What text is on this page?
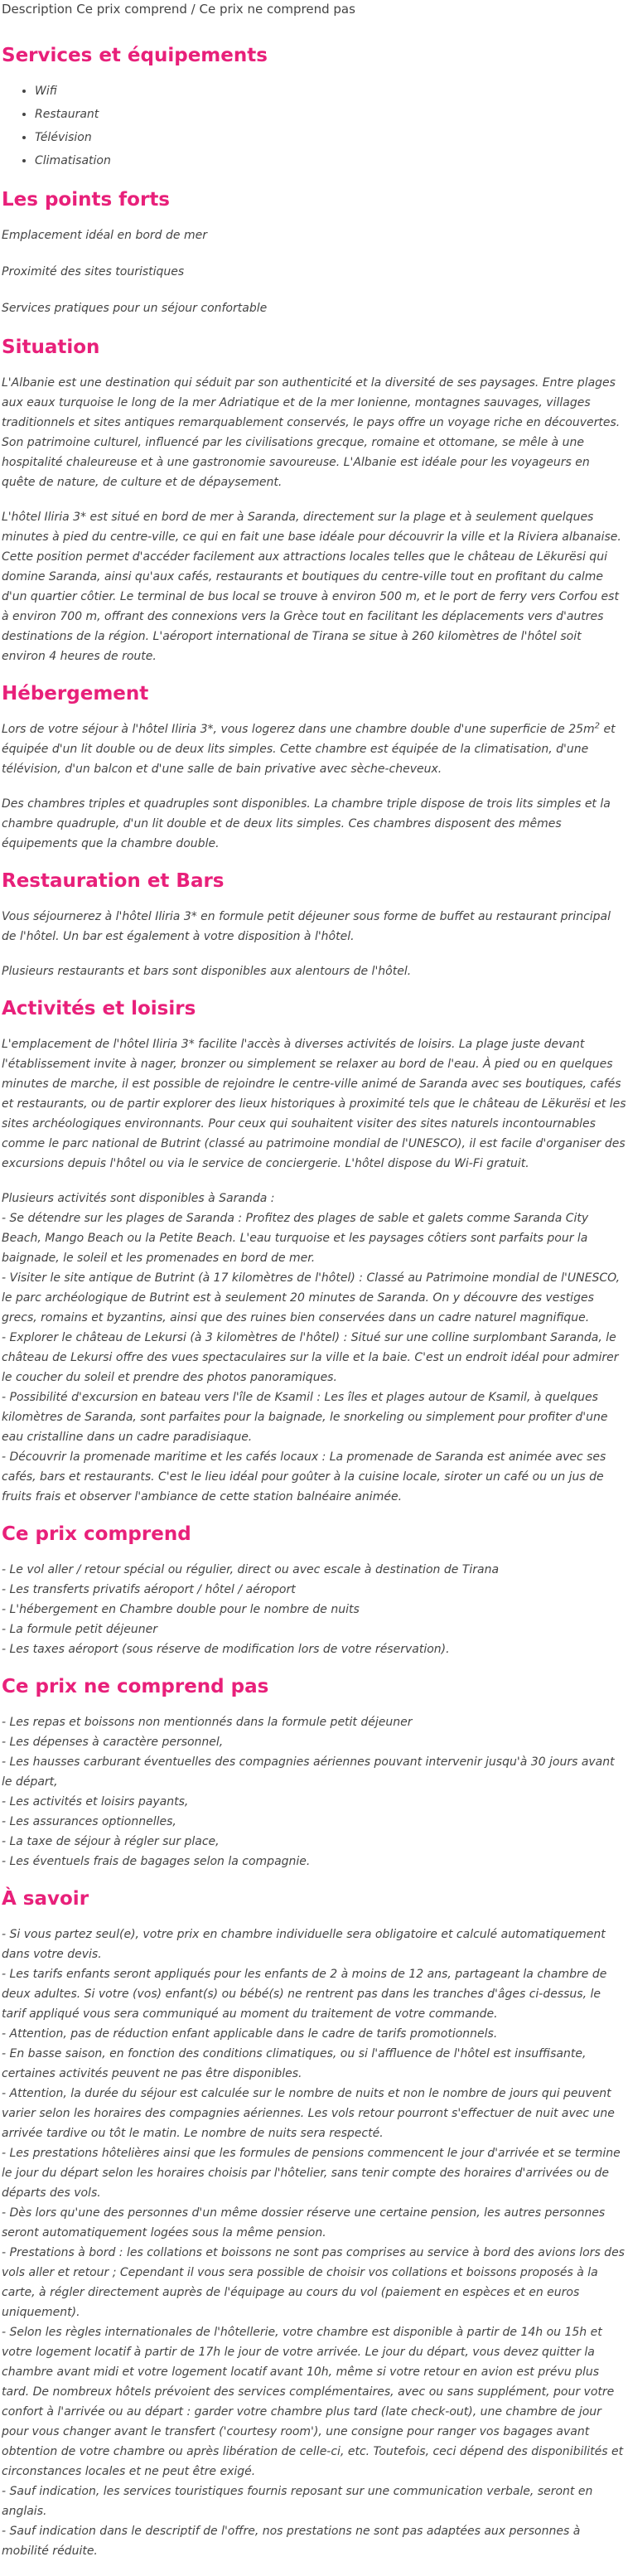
Description Ce prix comprend / Ce prix ne comprend pas
Services et équipements
• Wifi
• Restaurant
• Télévision
• Climatisation
Les points forts

Emplacement idéal en bord de mer

Proximité des sites touristiques

Services pratiques pour un séjour confortable

Situation

L'Albanie est une destination qui séduit par son authenticité et la diversité de ses paysages. Entre plages aux eaux turquoise le long de la mer Adriatique et de la mer Ionienne, montagnes sauvages, villages traditionnels et sites antiques remarquablement conservés, le pays offre un voyage riche en découvertes. Son patrimoine culturel, influencé par les civilisations grecque, romaine et ottomane, se mêle à une hospitalité chaleureuse et à une gastronomie savoureuse. L'Albanie est idéale pour les voyageurs en quête de nature, de culture et de dépaysement.

L'hôtel Iliria 3* est situé en bord de mer à Saranda, directement sur la plage et à seulement quelques minutes à pied du centre-ville, ce qui en fait une base idéale pour découvrir la ville et la Riviera albanaise. Cette position permet d'accéder facilement aux attractions locales telles que le château de Lëkurësi qui domine Saranda, ainsi qu'aux cafés, restaurants et boutiques du centre-ville tout en profitant du calme d'un quartier côtier. Le terminal de bus local se trouve à environ 500 m, et le port de ferry vers Corfou est à environ 700 m, offrant des connexions vers la Grèce tout en facilitant les déplacements vers d'autres destinations de la région. L'aéroport international de Tirana se situe à 260 kilomètres de l'hôtel soit environ 4 heures de route.

Hébergement

Lors de votre séjour à l'hôtel Iliria 3*, vous logerez dans une chambre double d'une superficie de $25m^2$ et équipée d'un lit double ou de deux lits simples. Cette chambre est équipée de la climatisation, d'une télévision, d'un balcon et d'une salle de bain privative avec sèche-cheveux.

Des chambres triples et quadruples sont disponibles. La chambre triple dispose de trois lits simples et la chambre quadruple, d'un lit double et de deux lits simples. Ces chambres disposent des mêmes équipements que la chambre double.

Restauration et Bars

Vous séjournerez à l'hôtel Iliria 3* en formule petit déjeuner sous forme de buffet au restaurant principal de l'hôtel. Un bar est également à votre disposition à l'hôtel.

Plusieurs restaurants et bars sont disponibles aux alentours de l'hôtel.

Activités et loisirs

L'emplacement de l'hôtel Iliria 3* facilite l'accès à diverses activités de loisirs. La plage juste devant l'établissement invite à nager, bronzer ou simplement se relaxer au bord de l'eau. À pied ou en quelques minutes de marche, il est possible de rejoindre le centre-ville animé de Saranda avec ses boutiques, cafés et restaurants, ou de partir explorer des lieux historiques à proximité tels que le château de Lëkurësi et les sites archéologiques environnants. Pour ceux qui souhaitent visiter des sites naturels incontournables comme le parc national de Butrint (classé au patrimoine mondial de l'UNESCO), il est facile d'organiser des excursions depuis l'hôtel ou via le service de conciergerie. L'hôtel dispose du Wi-Fi gratuit.

Plusieurs activités sont disponibles à Saranda :
- Se détendre sur les plages de Saranda : Profitez des plages de sable et galets comme Saranda City Beach, Mango Beach ou la Petite Beach. L'eau turquoise et les paysages côtiers sont parfaits pour la baignade, le soleil et les promenades en bord de mer.
- Visiter le site antique de Butrint (à 17 kilomètres de l'hôtel) : Classé au Patrimoine mondial de l'UNESCO, le parc archéologique de Butrint est à seulement 20 minutes de Saranda. On y découvre des vestiges grecs, romains et byzantins, ainsi que des ruines bien conservées dans un cadre naturel magnifique.
- Explorer le château de Lekursi (à 3 kilomètres de l'hôtel) : Situé sur une colline surplombant Saranda, le château de Lekursi offre des vues spectaculaires sur la ville et la baie. C'est un endroit idéal pour admirer le coucher du soleil et prendre des photos panoramiques.
- Possibilité d'excursion en bateau vers l'île de Ksamil : Les îles et plages autour de Ksamil, à quelques kilomètres de Saranda, sont parfaites pour la baignade, le snorkeling ou simplement pour profiter d'une eau cristalline dans un cadre paradisiaque.
- Découvrir la promenade maritime et les cafés locaux : La promenade de Saranda est animée avec ses cafés, bars et restaurants. C'est le lieu idéal pour goûter à la cuisine locale, siroter un café ou un jus de fruits frais et observer l'ambiance de cette station balnéaire animée.
Ce prix comprend
- Le vol aller / retour spécial ou régulier, direct ou avec escale à destination de Tirana
- Les transferts privatifs aéroport / hôtel / aéroport
- L'hébergement en Chambre double pour le nombre de nuits
- La formule petit déjeuner
- Les taxes aéroport (sous réserve de modification lors de votre réservation).
Ce prix ne comprend pas
- Les repas et boissons non mentionnés dans la formule petit déjeuner
- Les dépenses à caractère personnel,
- Les hausses carburant éventuelles des compagnies aériennes pouvant intervenir jusqu'à 30 jours avant le départ,
- Les activités et loisirs payants,
- Les assurances optionnelles,
- La taxe de séjour à régler sur place,
- Les éventuels frais de bagages selon la compagnie.
À savoir
- Si vous partez seul(e), votre prix en chambre individuelle sera obligatoire et calculé automatiquement dans votre devis.
- Les tarifs enfants seront appliqués pour les enfants de 2 à moins de 12 ans, partageant la chambre de deux adultes. Si votre (vos) enfant(s) ou bébé(s) ne rentrent pas dans les tranches d'âges ci-dessus, le tarif appliqué vous sera communiqué au moment du traitement de votre commande.
- Attention, pas de réduction enfant applicable dans le cadre de tarifs promotionnels.
- En basse saison, en fonction des conditions climatiques, ou si l'affluence de l'hôtel est insuffisante, certaines activités peuvent ne pas être disponibles.
- Attention, la durée du séjour est calculée sur le nombre de nuits et non le nombre de jours qui peuvent varier selon les horaires des compagnies aériennes. Les vols retour pourront s'effectuer de nuit avec une arrivée tardive ou tôt le matin. Le nombre de nuits sera respecté.
- Les prestations hôtelières ainsi que les formules de pensions commencent le jour d'arrivée et se termine le jour du départ selon les horaires choisis par l'hôtelier, sans tenir compte des horaires d'arrivées ou de départs des vols.
- Dès lors qu'une des personnes d'un même dossier réserve une certaine pension, les autres personnes seront automatiquement logées sous la même pension.
- Prestations à bord : les collations et boissons ne sont pas comprises au service à bord des avions lors des vols aller et retour ; Cependant il vous sera possible de choisir vos collations et boissons proposés à la carte, à régler directement auprès de l'équipage au cours du vol (paiement en espèces et en euros uniquement).
- Selon les règles internationales de l'hôtellerie, votre chambre est disponible à partir de 14h ou 15h et votre logement locatif à partir de 17h le jour de votre arrivée. Le jour du départ, vous devez quitter la chambre avant midi et votre logement locatif avant 10h, même si votre retour en avion est prévu plus tard. De nombreux hôtels prévoient des services complémentaires, avec ou sans supplément, pour votre confort à l'arrivée ou au départ : garder votre chambre plus tard (late check-out), une chambre de jour pour vous changer avant le transfert ('courtesy room'), une consigne pour ranger vos bagages avant obtention de votre chambre ou après libération de celle-ci, etc. Toutefois, ceci dépend des disponibilités et circonstances locales et ne peut être exigé.
- Sauf indication, les services touristiques fournis reposant sur une communication verbale, seront en anglais.
- Sauf indication dans le descriptif de l'offre, nos prestations ne sont pas adaptées aux personnes à mobilité réduite.
